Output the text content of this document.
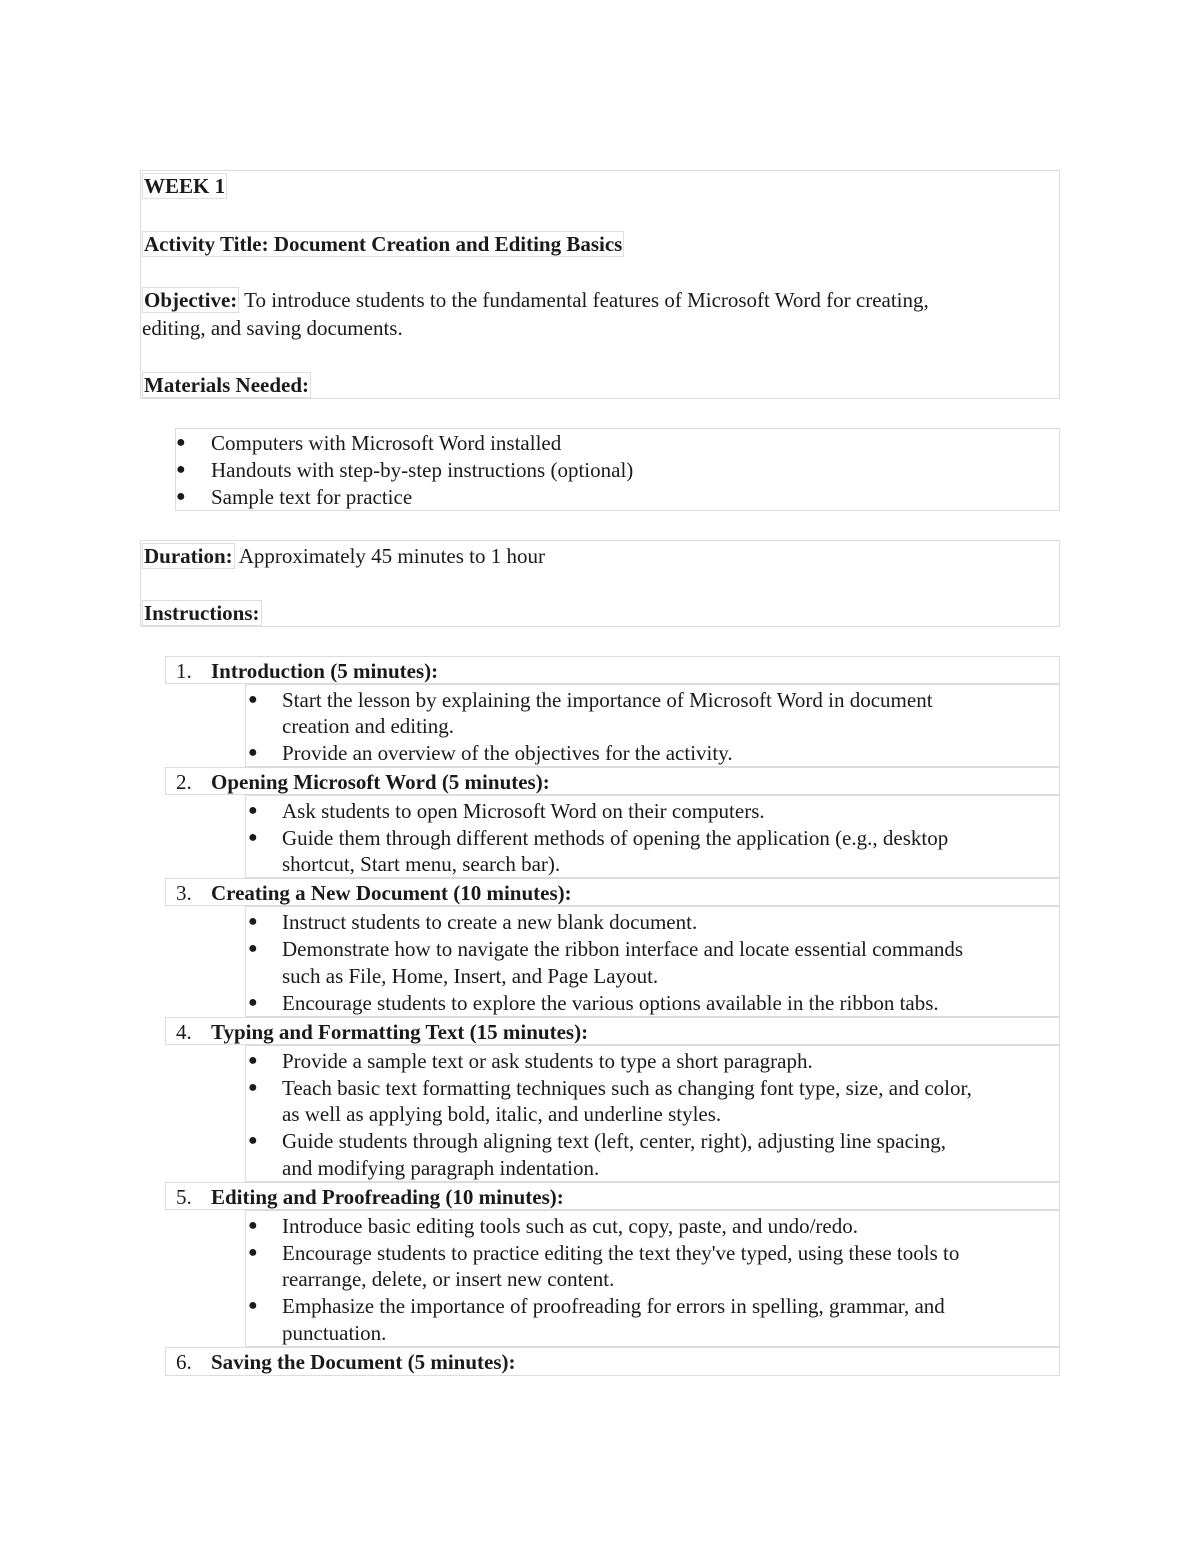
WEEK 1
Activity Title: Document Creation and Editing Basics
Objective: To introduce students to the fundamental features of Microsoft Word for creating,
editing, and saving documents.
Materials Needed:
● Computers with Microsoft Word installed
● Handouts with step-by-step instructions (optional)
● Sample text for practice
Duration: Approximately 45 minutes to 1 hour
Instructions:
1. Introduction (5 minutes):
● Start the lesson by explaining the importance of Microsoft Word in document
creation and editing.
● Provide an overview of the objectives for the activity.
2. Opening Microsoft Word (5 minutes):
● Ask students to open Microsoft Word on their computers.
● Guide them through different methods of opening the application (e.g., desktop
shortcut, Start menu, search bar).
3. Creating a New Document (10 minutes):
● Instruct students to create a new blank document.
● Demonstrate how to navigate the ribbon interface and locate essential commands
such as File, Home, Insert, and Page Layout.
● Encourage students to explore the various options available in the ribbon tabs.
4. Typing and Formatting Text (15 minutes):
● Provide a sample text or ask students to type a short paragraph.
● Teach basic text formatting techniques such as changing font type, size, and color,
as well as applying bold, italic, and underline styles.
● Guide students through aligning text (left, center, right), adjusting line spacing,
and modifying paragraph indentation.
5. Editing and Proofreading (10 minutes):
● Introduce basic editing tools such as cut, copy, paste, and undo/redo.
● Encourage students to practice editing the text they've typed, using these tools to
rearrange, delete, or insert new content.
● Emphasize the importance of proofreading for errors in spelling, grammar, and
punctuation.
6. Saving the Document (5 minutes):
